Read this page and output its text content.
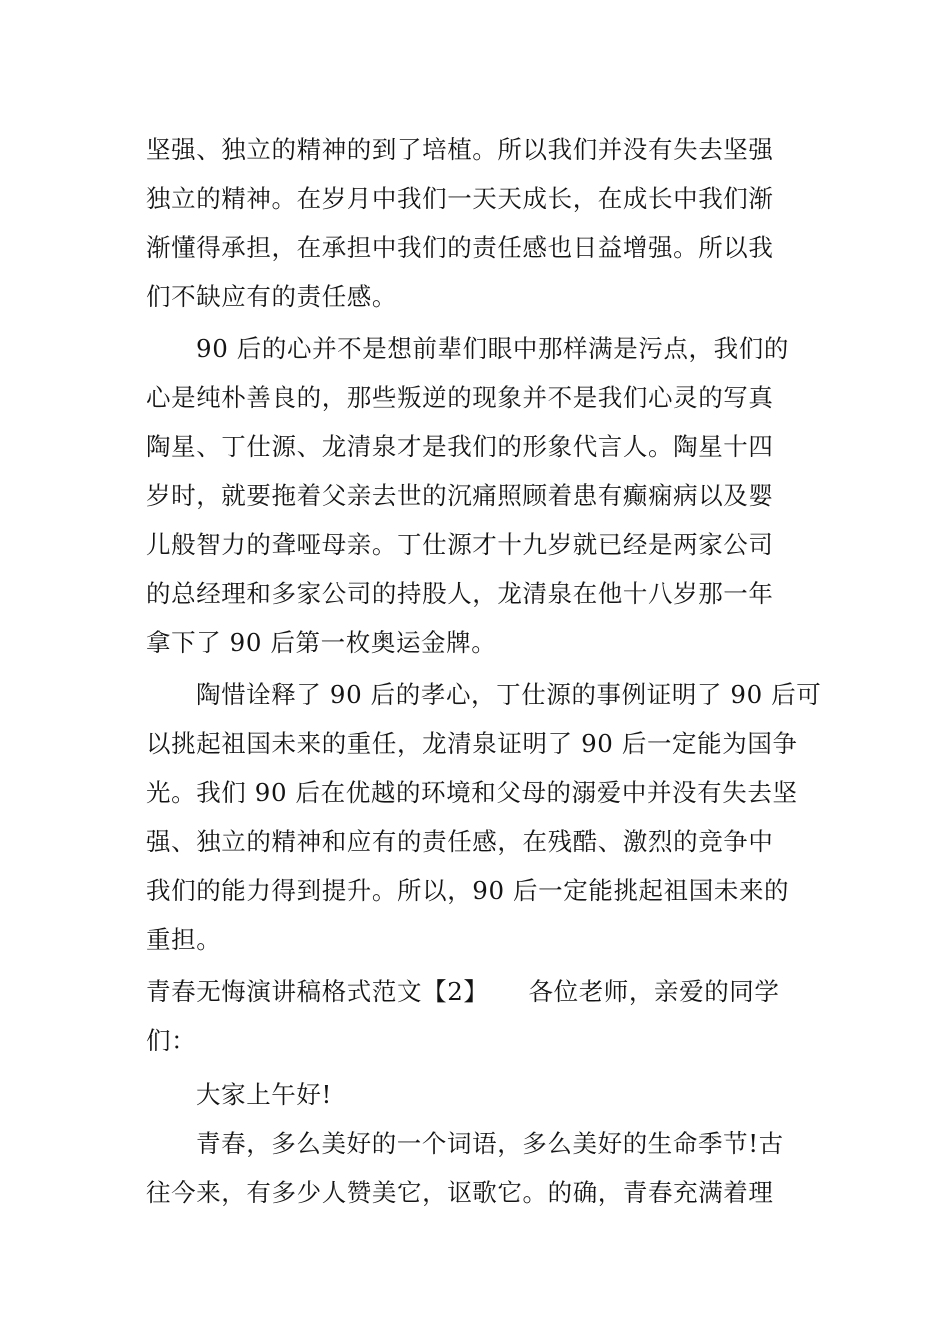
坚强、独立的精神的到了培植。所以我们并没有失去坚强
独立的精神。在岁月中我们一天天成长，在成长中我们渐
渐懂得承担，在承担中我们的责任感也日益增强。所以我
们不缺应有的责任感。
90 后的心并不是想前辈们眼中那样满是污点，我们的
心是纯朴善良的，那些叛逆的现象并不是我们心灵的写真
陶星、丁仕源、龙清泉才是我们的形象代言人。陶星十四
岁时，就要拖着父亲去世的沉痛照顾着患有癫痫病以及婴
儿般智力的聋哑母亲。丁仕源才十九岁就已经是两家公司
的总经理和多家公司的持股人，龙清泉在他十八岁那一年
拿下了 90 后第一枚奥运金牌。
陶惜诠释了 90 后的孝心，丁仕源的事例证明了 90 后可
以挑起祖国未来的重任，龙清泉证明了 90 后一定能为国争
光。我们 90 后在优越的环境和父母的溺爱中并没有失去坚
强、独立的精神和应有的责任感，在残酷、激烈的竞争中
我们的能力得到提升。所以，90 后一定能挑起祖国未来的
重担。
青春无悔演讲稿格式范文【2】 各位老师，亲爱的同学
们：
大家上午好!
青春，多么美好的一个词语，多么美好的生命季节!古
往今来，有多少人赞美它，讴歌它。的确，青春充满着理
